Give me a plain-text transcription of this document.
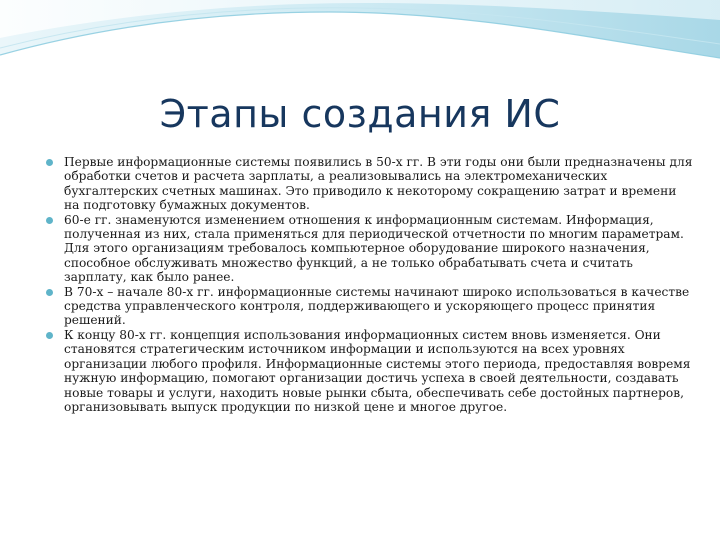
Этапы создания ИС

Первые информационные системы появились в 50-х гг. В эти годы они были предназначены для обработки счетов и расчета зарплаты, а реализовывались на электромеханических бухгалтерских счетных машинах. Это приводило к некоторому сокращению затрат и времени на подготовку бумажных документов.

60-е гг. знаменуются изменением отношения к информационным системам. Информация, полученная из них, стала применяться для периодической отчетности по многим параметрам. Для этого организациям требовалось компьютерное оборудование широкого назначения, способное обслуживать множество функций, а не только обрабатывать счета и считать зарплату, как было ранее.

В 70-х – начале 80-х гг. информационные системы начинают широко использоваться в качестве средства управленческого контроля, поддерживающего и ускоряющего процесс принятия решений.

К концу 80-х гг. концепция использования информационных систем вновь изменяется. Они становятся стратегическим источником информации и используются на всех уровнях организации любого профиля. Информационные системы этого периода, предоставляя вовремя нужную информацию, помогают организации достичь успеха в своей деятельности, создавать новые товары и услуги, находить новые рынки сбыта, обеспечивать себе достойных партнеров, организовывать выпуск продукции по низкой цене и многое другое.
